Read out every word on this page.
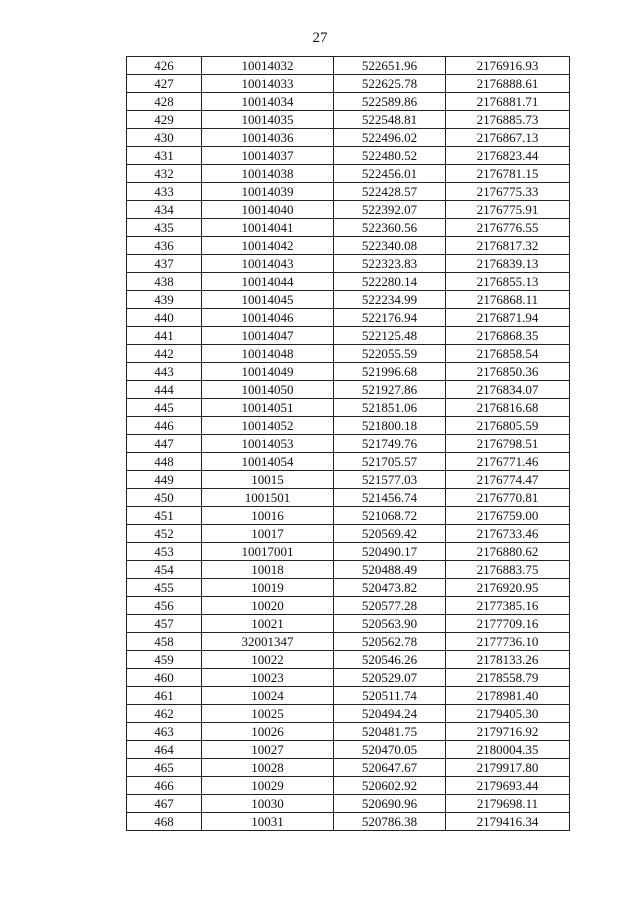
27
426	10014032	522651.96	2176916.93
427	10014033	522625.78	2176888.61
428	10014034	522589.86	2176881.71
429	10014035	522548.81	2176885.73
430	10014036	522496.02	2176867.13
431	10014037	522480.52	2176823.44
432	10014038	522456.01	2176781.15
433	10014039	522428.57	2176775.33
434	10014040	522392.07	2176775.91
435	10014041	522360.56	2176776.55
436	10014042	522340.08	2176817.32
437	10014043	522323.83	2176839.13
438	10014044	522280.14	2176855.13
439	10014045	522234.99	2176868.11
440	10014046	522176.94	2176871.94
441	10014047	522125.48	2176868.35
442	10014048	522055.59	2176858.54
443	10014049	521996.68	2176850.36
444	10014050	521927.86	2176834.07
445	10014051	521851.06	2176816.68
446	10014052	521800.18	2176805.59
447	10014053	521749.76	2176798.51
448	10014054	521705.57	2176771.46
449	10015	521577.03	2176774.47
450	1001501	521456.74	2176770.81
451	10016	521068.72	2176759.00
452	10017	520569.42	2176733.46
453	10017001	520490.17	2176880.62
454	10018	520488.49	2176883.75
455	10019	520473.82	2176920.95
456	10020	520577.28	2177385.16
457	10021	520563.90	2177709.16
458	32001347	520562.78	2177736.10
459	10022	520546.26	2178133.26
460	10023	520529.07	2178558.79
461	10024	520511.74	2178981.40
462	10025	520494.24	2179405.30
463	10026	520481.75	2179716.92
464	10027	520470.05	2180004.35
465	10028	520647.67	2179917.80
466	10029	520602.92	2179693.44
467	10030	520690.96	2179698.11
468	10031	520786.38	2179416.34
